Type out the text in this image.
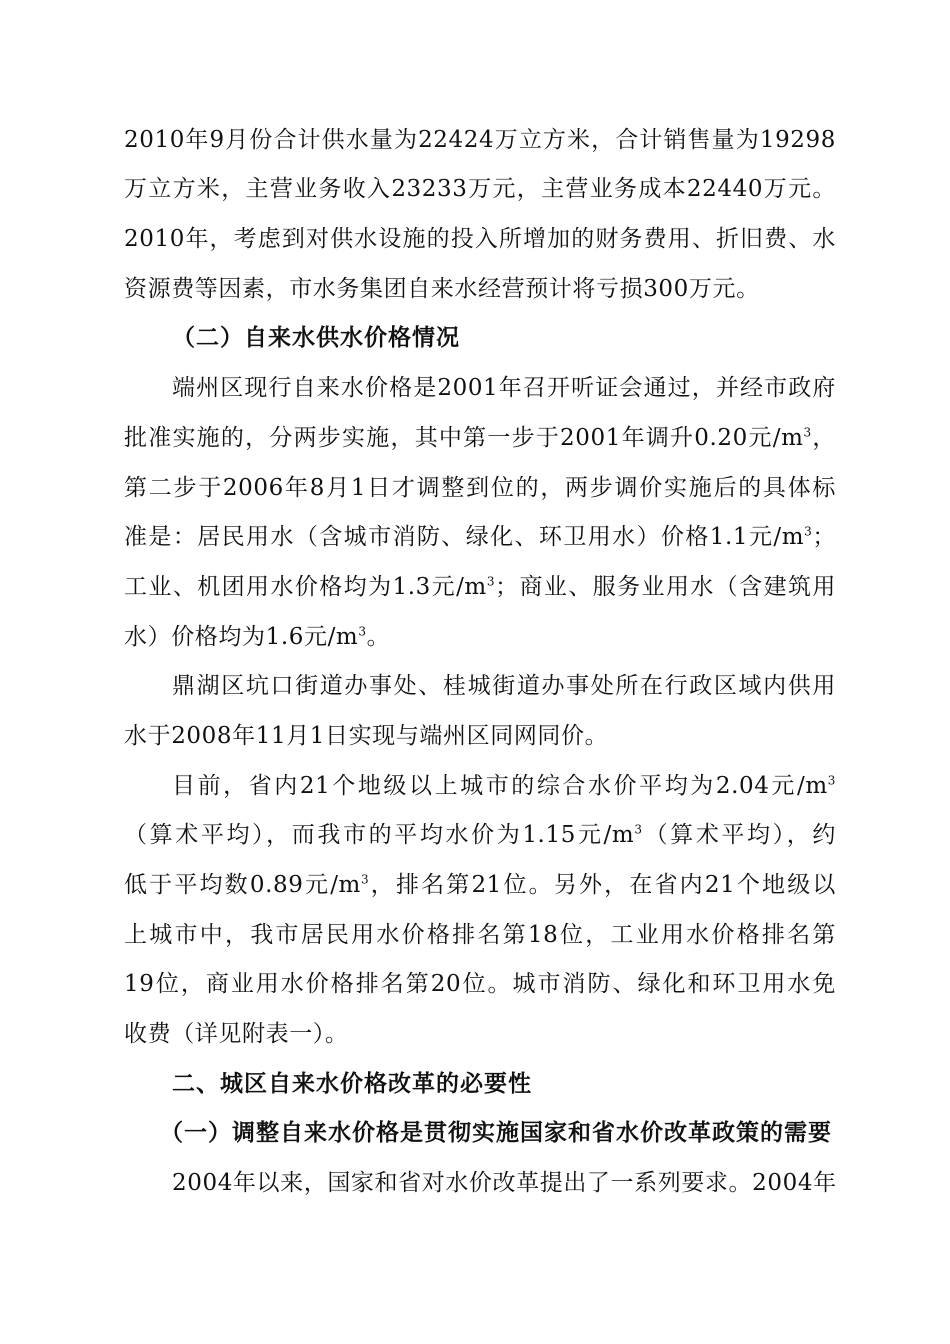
2010年9月份合计供水量为22424万立方米，合计销售量为19298
万立方米，主营业务收入23233万元，主营业务成本22440万元。
2010年，考虑到对供水设施的投入所增加的财务费用、折旧费、水
资源费等因素，市水务集团自来水经营预计将亏损300万元。
（二）自来水供水价格情况
端州区现行自来水价格是2001年召开听证会通过，并经市政府
批准实施的，分两步实施，其中第一步于2001年调升0.20元$/m^3$，
第二步于2006年8月1日才调整到位的，两步调价实施后的具体标
准是：居民用水（含城市消防、绿化、环卫用水）价格1.1元$/m^3$；
工业、机团用水价格均为1.3元$/m^3$；商业、服务业用水（含建筑用
水）价格均为1.6元$/m^3$。
鼎湖区坑口街道办事处、桂城街道办事处所在行政区域内供用
水于2008年11月1日实现与端州区同网同价。
目前，省内21个地级以上城市的综合水价平均为2.04元$/m^3$
（算术平均），而我市的平均水价为1.15元$/m^3$（算术平均），约
低于平均数0.89元$/m^3$，排名第21位。另外，在省内21个地级以
上城市中，我市居民用水价格排名第18位，工业用水价格排名第
19位，商业用水价格排名第20位。城市消防、绿化和环卫用水免
收费（详见附表一）。
二、城区自来水价格改革的必要性
（一）调整自来水价格是贯彻实施国家和省水价改革政策的需要
2004年以来，国家和省对水价改革提出了一系列要求。2004年
